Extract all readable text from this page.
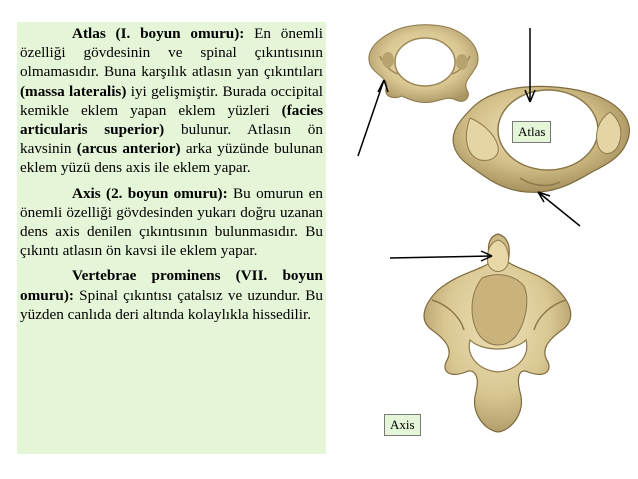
Atlas (I. boyun omuru): En önemli özelliği gövdesinin ve spinal çıkıntısının olmamasıdır. Buna karşılık atlasın yan çıkıntıları (massa lateralis) iyi gelişmiştir. Burada occipital kemikle eklem yapan eklem yüzleri (facies articularis superior) bulunur. Atlasın ön kavsinin (arcus anterior) arka yüzünde bulunan eklem yüzü dens axis ile eklem yapar.

Axis (2. boyun omuru): Bu omurun en önemli özelliği gövdesinden yukarı doğru uzanan dens axis denilen çıkıntısının bulunmasıdır. Bu çıkıntı atlasın ön kavsi ile eklem yapar.

Vertebrae prominens (VII. boyun omuru): Spinal çıkıntısı çatalsız ve uzundur. Bu yüzden canlıda deri altında kolaylıkla hissedilir.

Atlas
Axis
